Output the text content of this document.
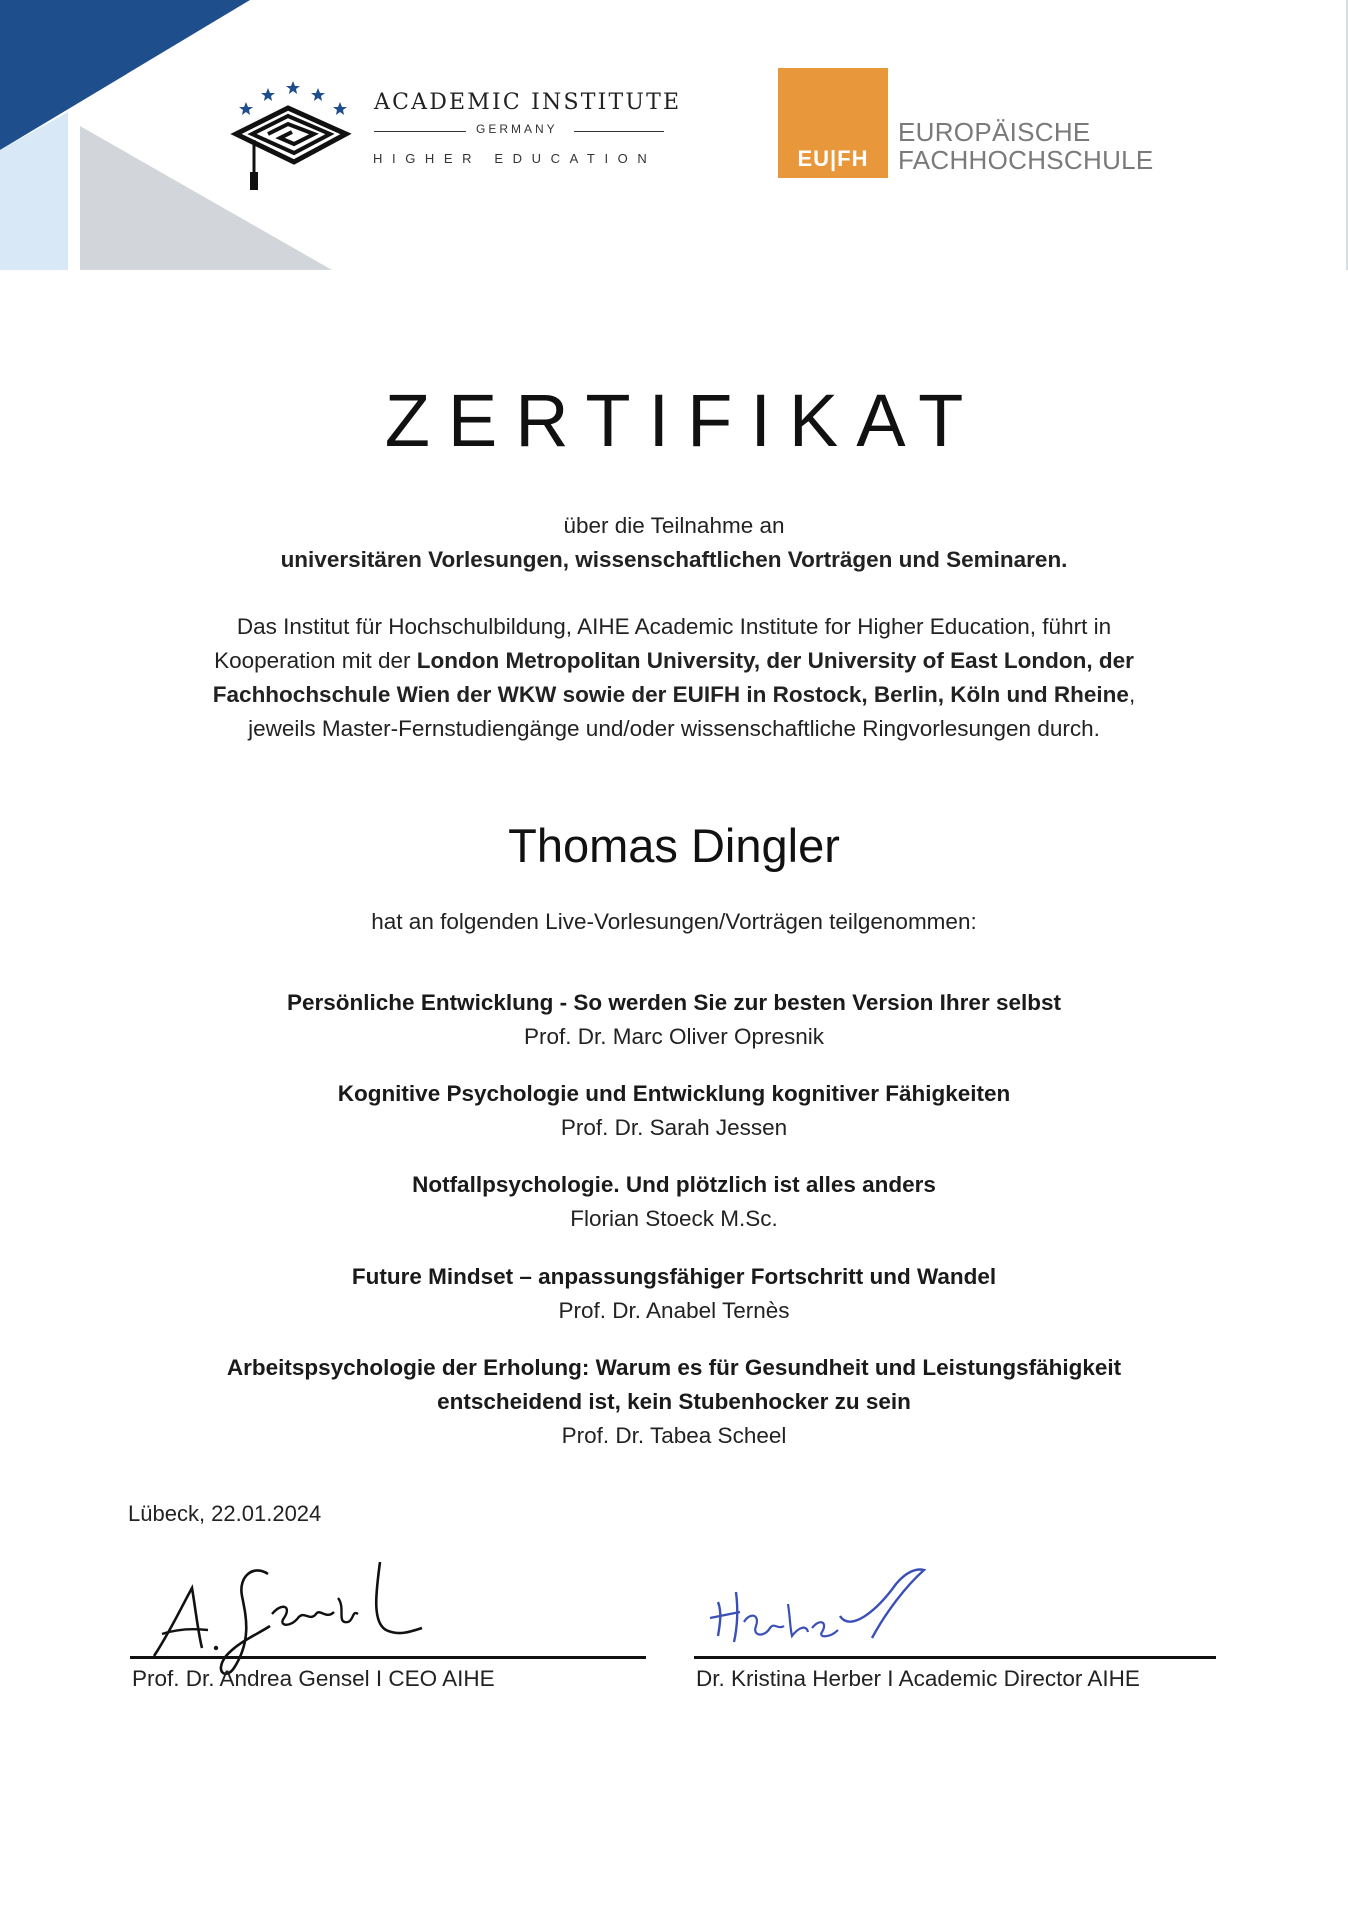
ACADEMIC INSTITUTE
GERMANY
HIGHER EDUCATION	EU|FH
EUROPÄISCHE
FACHHOCHSCHULE
ZERTIFIKAT
über die Teilnahme an
universitären Vorlesungen, wissenschaftlichen Vorträgen und Seminaren.
Das Institut für Hochschulbildung, AIHE Academic Institute for Higher Education, führt in
Kooperation mit der London Metropolitan University, der University of East London, der
Fachhochschule Wien der WKW sowie der EUIFH in Rostock, Berlin, Köln und Rheine,
jeweils Master-Fernstudiengänge und/oder wissenschaftliche Ringvorlesungen durch.
Thomas Dingler
hat an folgenden Live-Vorlesungen/Vorträgen teilgenommen:
Persönliche Entwicklung - So werden Sie zur besten Version Ihrer selbst
Prof. Dr. Marc Oliver Opresnik
Kognitive Psychologie und Entwicklung kognitiver Fähigkeiten
Prof. Dr. Sarah Jessen
Notfallpsychologie. Und plötzlich ist alles anders
Florian Stoeck M.Sc.
Future Mindset – anpassungsfähiger Fortschritt und Wandel
Prof. Dr. Anabel Ternès
Arbeitspsychologie der Erholung: Warum es für Gesundheit und Leistungsfähigkeit
entscheidend ist, kein Stubenhocker zu sein
Prof. Dr. Tabea Scheel
Lübeck, 22.01.2024
Prof. Dr. Andrea Gensel I CEO AIHE	Dr. Kristina Herber I Academic Director AIHE
